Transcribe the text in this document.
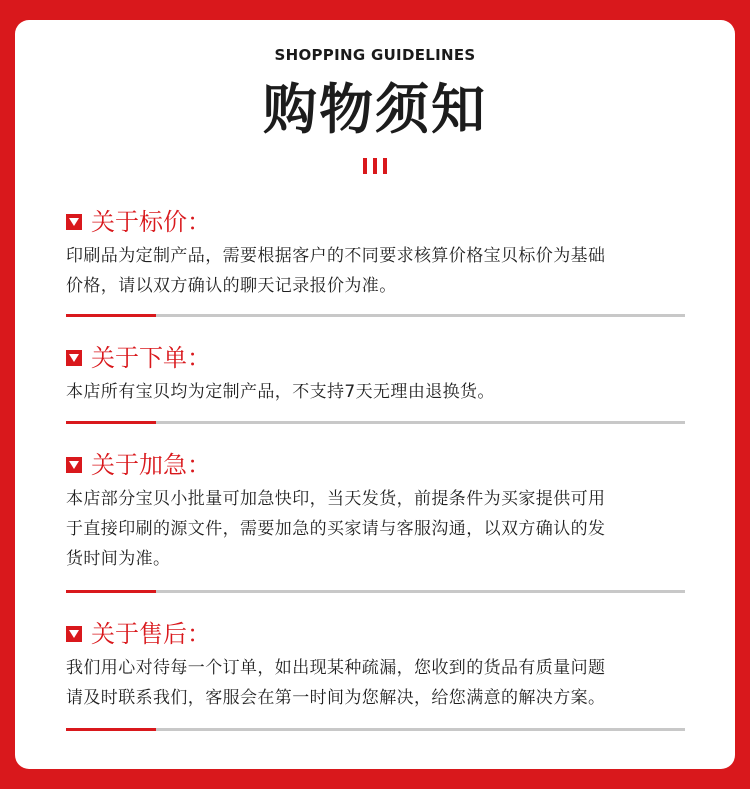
SHOPPING GUIDELINES
购物须知
关于标价：
印刷品为定制产品，需要根据客户的不同要求核算价格宝贝标价为基础
价格，请以双方确认的聊天记录报价为准。
关于下单：
本店所有宝贝均为定制产品，不支持7天无理由退换货。
关于加急：
本店部分宝贝小批量可加急快印，当天发货，前提条件为买家提供可用
于直接印刷的源文件，需要加急的买家请与客服沟通，以双方确认的发
货时间为准。
关于售后：
我们用心对待每一个订单，如出现某种疏漏，您收到的货品有质量问题
请及时联系我们，客服会在第一时间为您解决，给您满意的解决方案。
